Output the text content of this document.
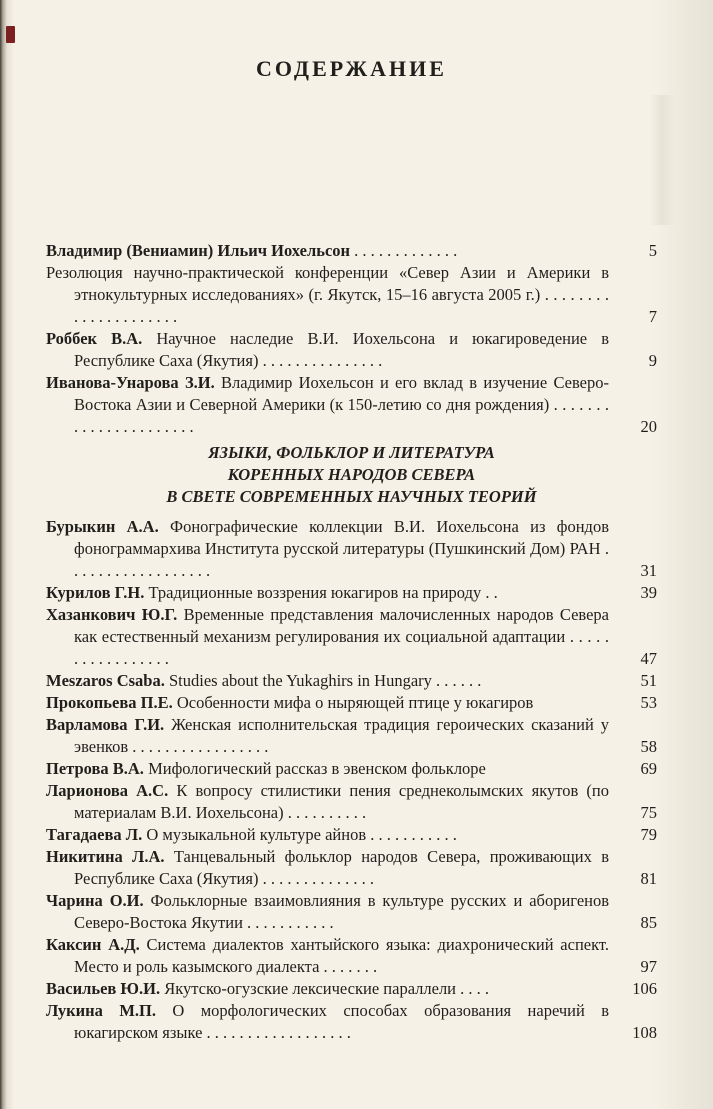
СОДЕРЖАНИЕ
Владимир (Вениамин) Ильич Иохельсон . . . . . . . . . . . . .	5
Резолюция научно-практической конференции «Север Азии и Америки в этнокультурных исследованиях» (г. Якутск, 15–16 августа 2005 г.) . . . . . . . . . . . . . . . . . . . . .	7
Роббек В.А. Научное наследие В.И. Иохельсона и юкагироведение в Республике Саха (Якутия) . . . . . . . . . . . . . . .	9
Иванова-Унарова З.И. Владимир Иохельсон и его вклад в изучение Северо-Востока Азии и Северной Америки (к 150-летию со дня рождения) . . . . . . . . . . . . . . . . . . . . . .	20
ЯЗЫКИ, ФОЛЬКЛОР И ЛИТЕРАТУРА
КОРЕННЫХ НАРОДОВ СЕВЕРА
В СВЕТЕ СОВРЕМЕННЫХ НАУЧНЫХ ТЕОРИЙ
Бурыкин А.А. Фонографические коллекции В.И. Иохельсона из фондов фонограммархива Института русской литературы (Пушкинский Дом) РАН . . . . . . . . . . . . . . . . . .	31
Курилов Г.Н. Традиционные воззрения юкагиров на природу . .	39
Хазанкович Ю.Г. Временные представления малочисленных народов Севера как естественный механизм регулирования их социальной адаптации . . . . . . . . . . . . . . . . .	47
Meszaros Csaba. Studies about the Yukaghirs in Hungary . . . . . .	51
Прокопьева П.Е. Особенности мифа о ныряющей птице у юкагиров	53
Варламова Г.И. Женская исполнительская традиция героических сказаний у эвенков . . . . . . . . . . . . . . . . .	58
Петрова В.А. Мифологический рассказ в эвенском фольклоре	69
Ларионова А.С. К вопросу стилистики пения среднеколымских якутов (по материалам В.И. Иохельсона) . . . . . . . . . .	75
Тагадаева Л. О музыкальной культуре айнов . . . . . . . . . . .	79
Никитина Л.А. Танцевальный фольклор народов Севера, проживающих в Республике Саха (Якутия) . . . . . . . . . . . . . .	81
Чарина О.И. Фольклорные взаимовлияния в культуре русских и аборигенов Северо-Востока Якутии . . . . . . . . . . .	85
Каксин А.Д. Система диалектов хантыйского языка: диахронический аспект. Место и роль казымского диалекта . . . . . . .	97
Васильев Ю.И. Якутско-огузские лексические параллели . . . .	106
Лукина М.П. О морфологических способах образования наречий в юкагирском языке . . . . . . . . . . . . . . . . . .	108
